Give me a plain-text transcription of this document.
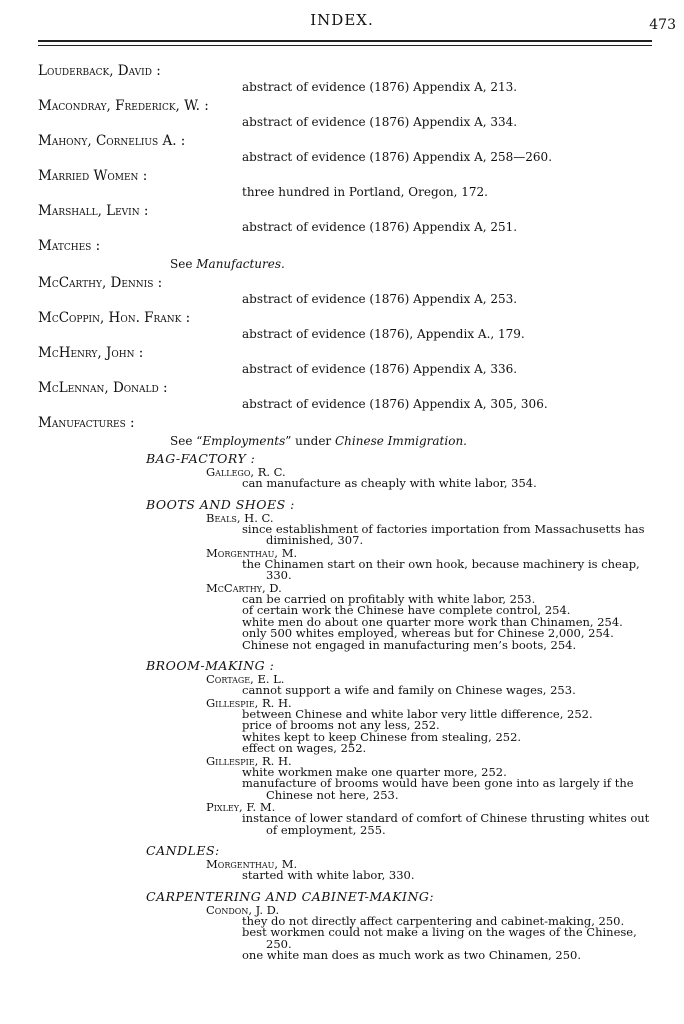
INDEX.	473
Louderback, David :
abstract of evidence (1876) Appendix A, 213.
Macondray, Frederick, W. :
abstract of evidence (1876) Appendix A, 334.
Mahony, Cornelius A. :
abstract of evidence (1876) Appendix A, 258—260.
Married Women :
three hundred in Portland, Oregon, 172.
Marshall, Levin :
abstract of evidence (1876) Appendix A, 251.
Matches :
See Manufactures.
McCarthy, Dennis :
abstract of evidence (1876) Appendix A, 253.
McCoppin, Hon. Frank :
abstract of evidence (1876), Appendix A., 179.
McHenry, John :
abstract of evidence (1876) Appendix A, 336.
McLennan, Donald :
abstract of evidence (1876) Appendix A, 305, 306.
Manufactures :
See “Employments” under Chinese Immigration.
BAG-FACTORY :
Gallego, R. C.
can manufacture as cheaply with white labor, 354.
BOOTS AND SHOES :
Beals, H. C.
since establishment of factories importation from Massachusetts has diminished, 307.
Morgenthau, M.
the Chinamen start on their own hook, because machinery is cheap, 330.
McCarthy, D.
can be carried on profitably with white labor, 253.
of certain work the Chinese have complete control, 254.
white men do about one quarter more work than Chinamen, 254.
only 500 whites employed, whereas but for Chinese 2,000, 254.
Chinese not engaged in manufacturing men’s boots, 254.
BROOM-MAKING :
Cortage, E. L.
cannot support a wife and family on Chinese wages, 253.
Gillespie, R. H.
between Chinese and white labor very little difference, 252.
price of brooms not any less, 252.
whites kept to keep Chinese from stealing, 252.
effect on wages, 252.
Gillespie, R. H.
white workmen make one quarter more, 252.
manufacture of brooms would have been gone into as largely if the Chinese not here, 253.
Pixley, F. M.
instance of lower standard of comfort of Chinese thrusting whites out of employment, 255.
CANDLES:
Morgenthau, M.
started with white labor, 330.
CARPENTERING AND CABINET-MAKING:
Condon, J. D.
they do not directly affect carpentering and cabinet-making, 250.
best workmen could not make a living on the wages of the Chinese, 250.
one white man does as much work as two Chinamen, 250.
